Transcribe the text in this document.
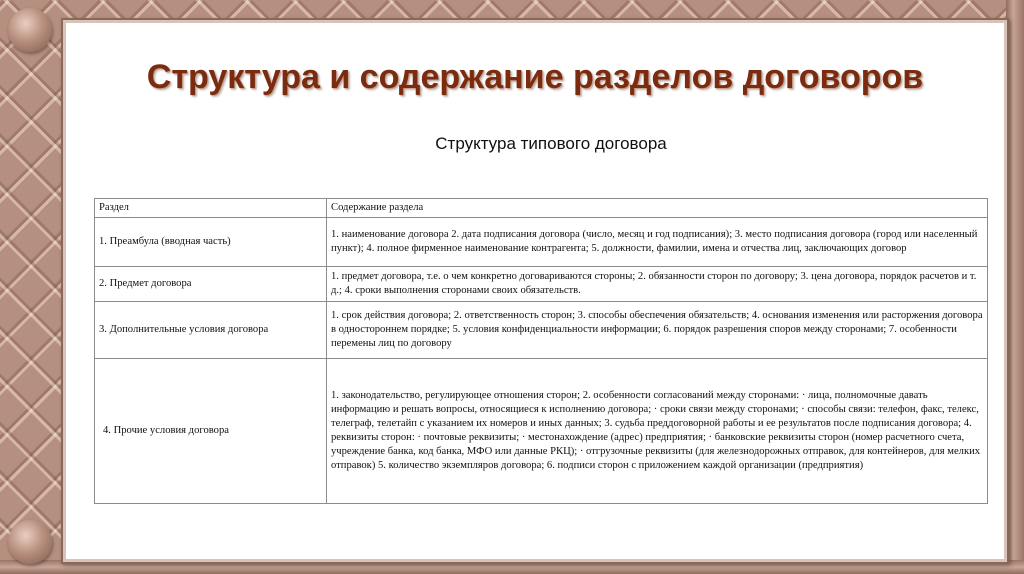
Структура и содержание разделов договоров

Структура типового договора

Раздел	Содержание раздела
1. Преамбула (вводная часть)	1. наименование договора 2. дата подписания договора (число, месяц и год подписания); 3. место подписания договора (город или населенный пункт); 4. полное фирменное наименование контрагента; 5. должности, фамилии, имена и отчества лиц, заключающих договор
2. Предмет договора	1. предмет договора, т.е. о чем конкретно договариваются стороны; 2. обязанности сторон по договору; 3. цена договора, порядок расчетов и т. д.; 4. сроки выполнения сторонами своих обязательств.
3. Дополнительные условия договора	1. срок действия договора; 2. ответственность сторон; 3. способы обеспечения обязательств; 4. основания изменения или расторжения договора в одностороннем порядке; 5. условия конфиденциальности информации; 6. порядок разрешения споров между сторонами; 7. особенности перемены лиц по договору
4. Прочие условия договора	1. законодательство, регулирующее отношения сторон; 2. особенности согласований между сторонами: · лица, полномочные давать информацию и решать вопросы, относящиеся к исполнению договора; · сроки связи между сторонами; · способы связи: телефон, факс, телекс, телеграф, телетайп с указанием их номеров и иных данных; 3. судьба преддоговорной работы и ее результатов после подписания договора; 4. реквизиты сторон: · почтовые реквизиты; · местонахождение (адрес) предприятия; · банковские реквизиты сторон (номер расчетного счета, учреждение банка, код банка, МФО или данные РКЦ); · отгрузочные реквизиты (для железнодорожных отправок, для контейнеров, для мелких отправок) 5. количество экземпляров договора; 6. подписи сторон с приложением каждой организации (предприятия)
